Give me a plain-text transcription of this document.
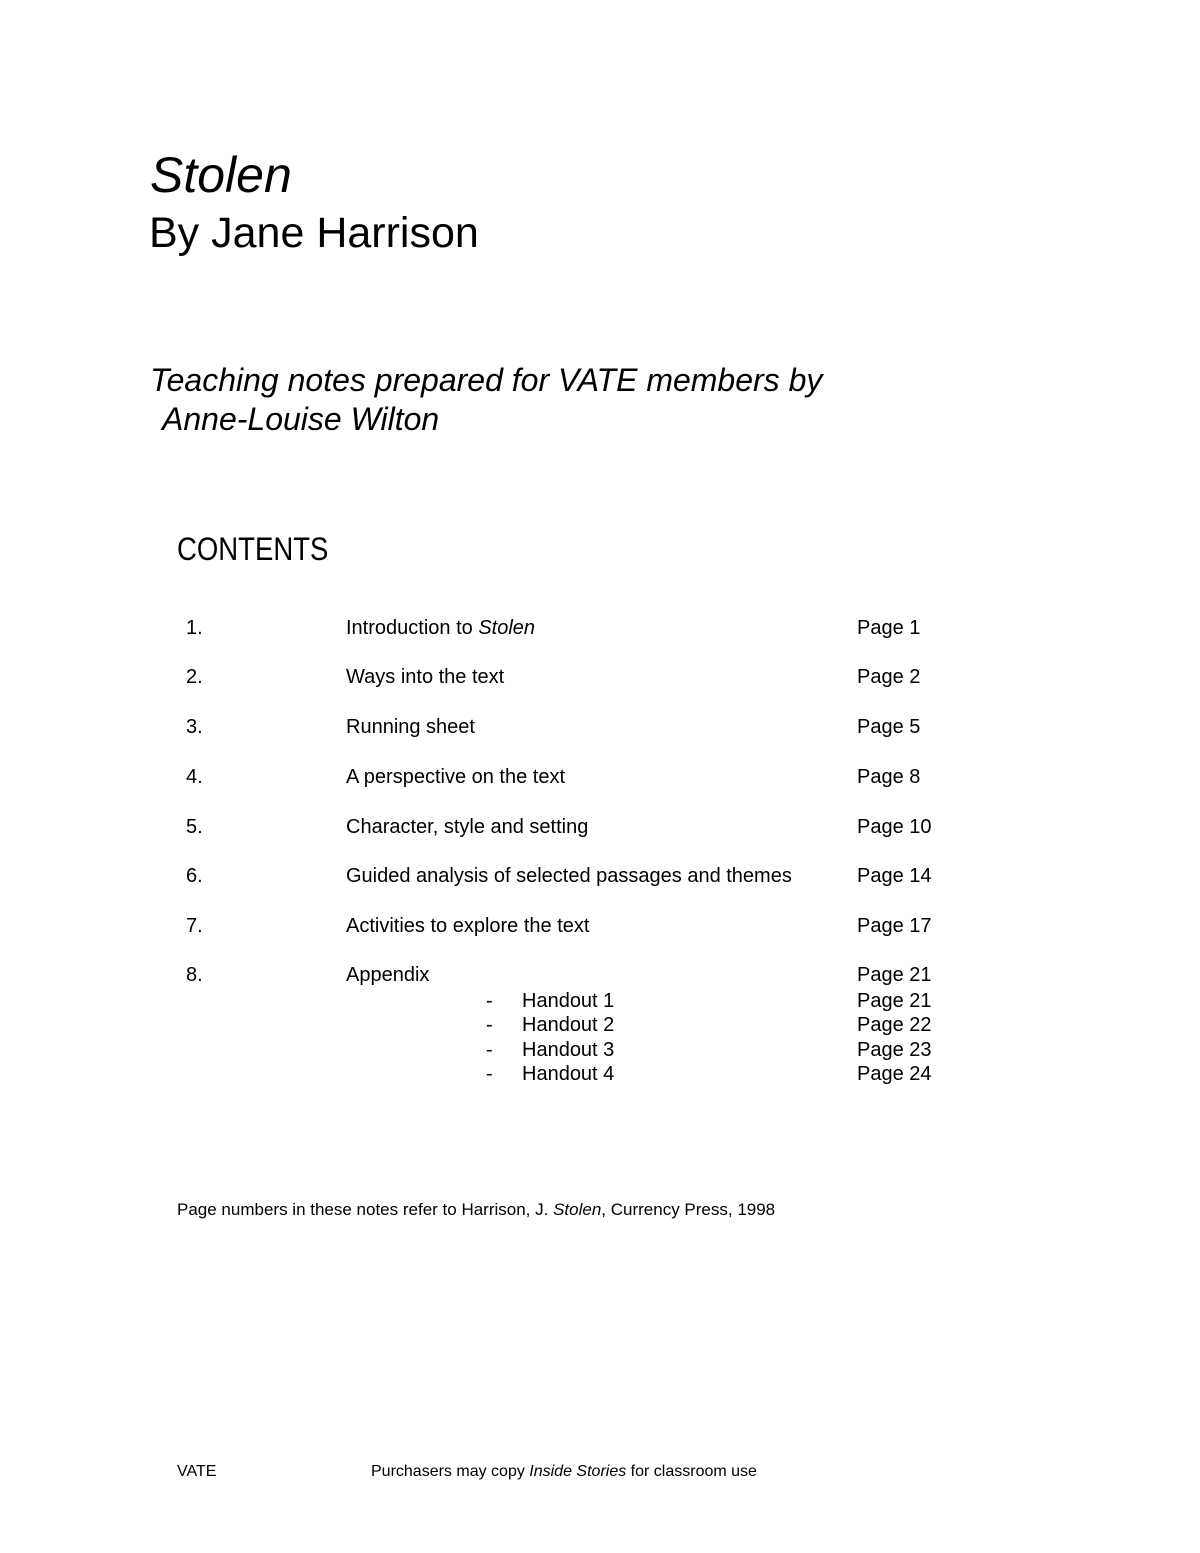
Stolen
By Jane Harrison
Teaching notes prepared for VATE members by
Anne-Louise Wilton
CONTENTS
1.	Introduction to Stolen	Page 1
2.	Ways into the text	Page 2
3.	Running sheet	Page 5
4.	A perspective on the text	Page 8
5.	Character, style and setting	Page 10
6.	Guided analysis of selected passages and themes	Page 14
7.	Activities to explore the text	Page 17
8.	Appendix	Page 21
- Handout 1	Page 21
- Handout 2	Page 22
- Handout 3	Page 23
- Handout 4	Page 24
Page numbers in these notes refer to Harrison, J. Stolen, Currency Press, 1998
VATE	Purchasers may copy Inside Stories for classroom use
